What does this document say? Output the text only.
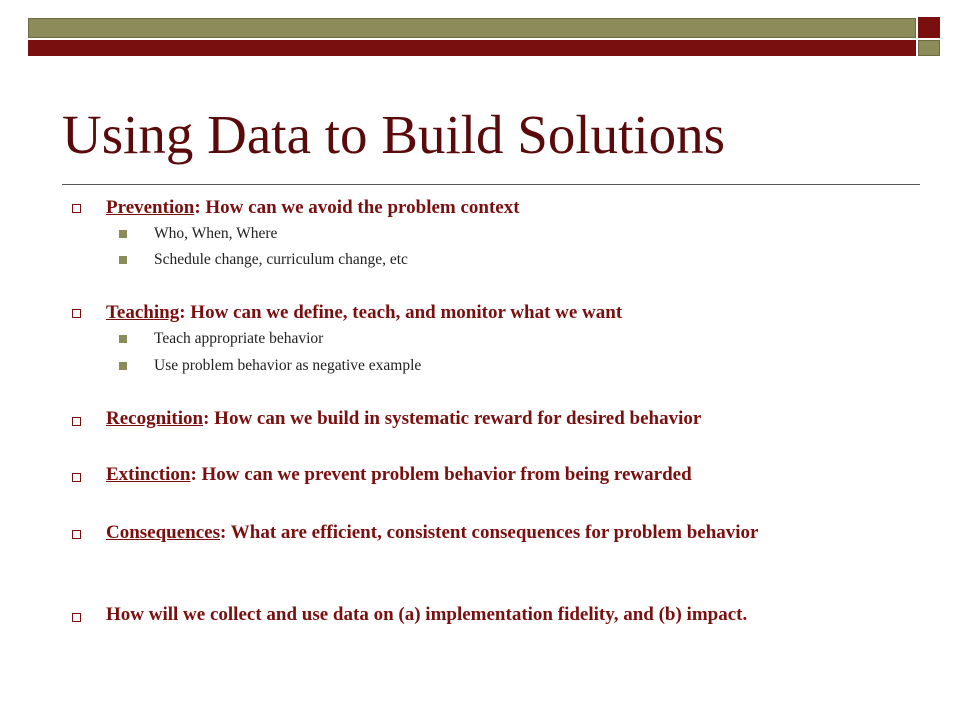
Using Data to Build Solutions
Prevention: How can we avoid the problem context
Who, When, Where
Schedule change, curriculum change, etc
Teaching: How can we define, teach, and monitor what we want
Teach appropriate behavior
Use problem behavior as negative example
Recognition: How can we build in systematic reward for desired behavior
Extinction: How can we prevent problem behavior from being rewarded
Consequences: What are efficient, consistent consequences for problem behavior
How will we collect and use data on (a) implementation fidelity, and (b) impact.
